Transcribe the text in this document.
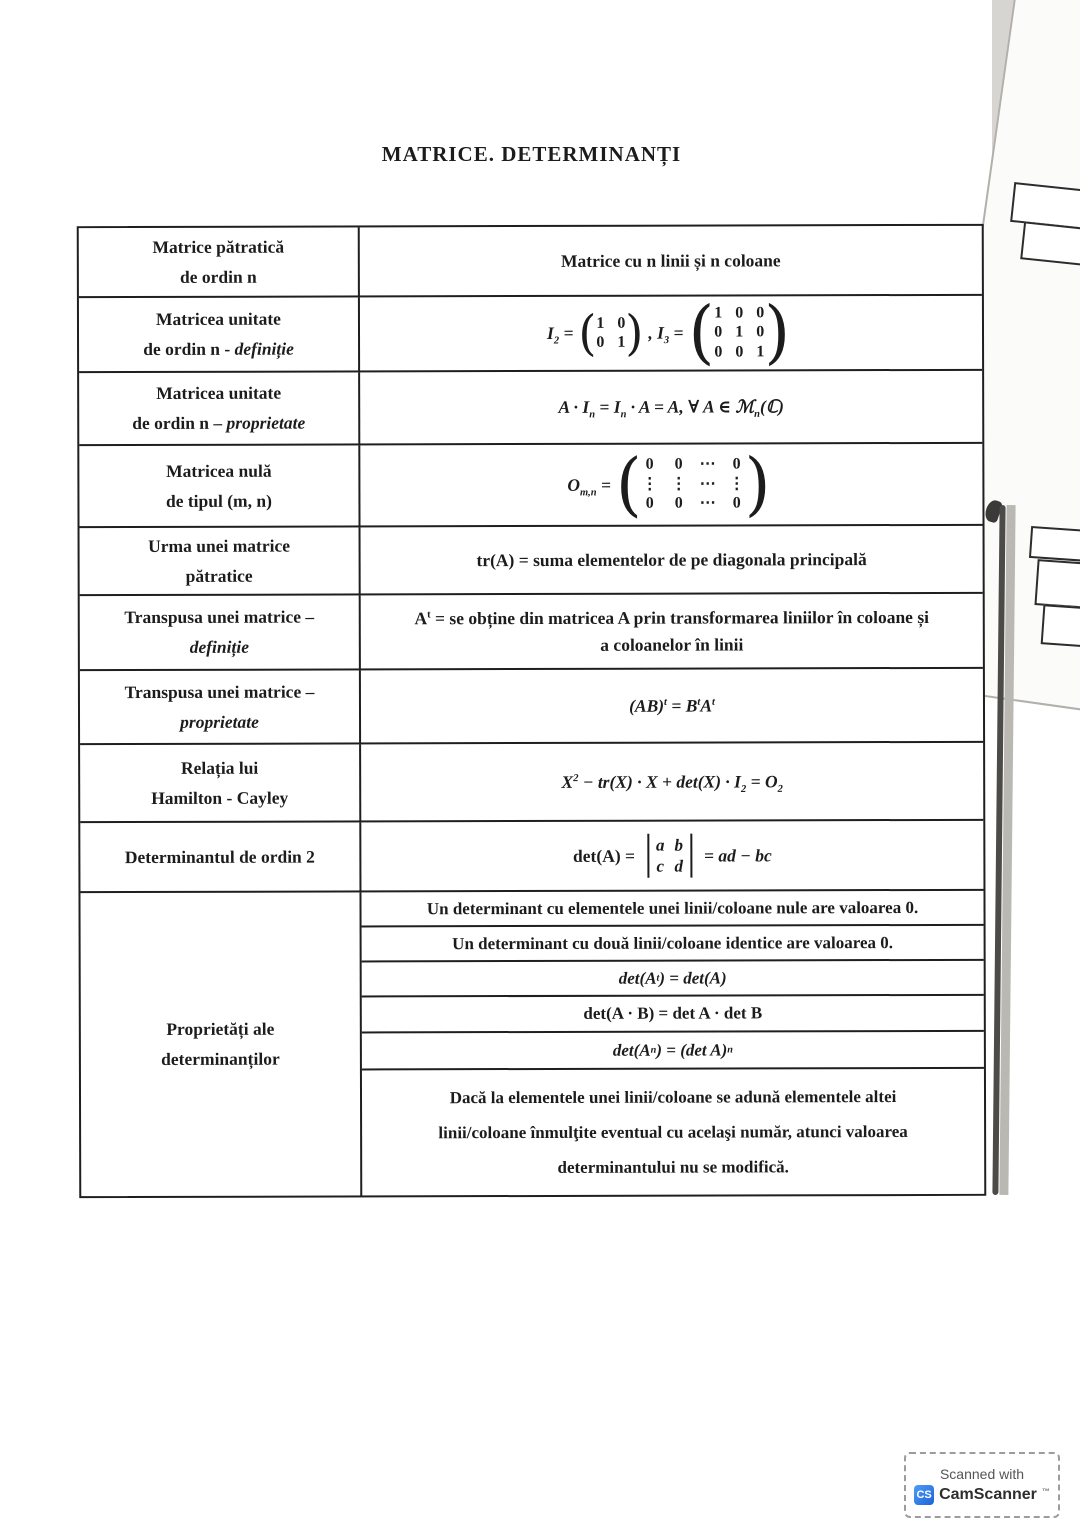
MATRICE. DETERMINANȚI
Matrice pătratică
de ordin n
Matrice cu n linii și n coloane
Matricea unitate
de ordin n - definiție
$I_2$ = ( 1 0
0 1 ) , $I_3$ = ( 1 0 0
0 1 0
0 0 1 )
Matricea unitate
de ordin n – proprietate
$A \cdot I_n = I_n \cdot A = A$, ∀ A ∈ ℳ$_n$(ℂ)
Matricea nulă
de tipul (m, n)
$O_{m,n}$ = ( 0 0 ⋯ 0
⋮ ⋮ ⋯ ⋮
0 0 ⋯ 0 )
Urma unei matrice
pătratice
tr(A) = suma elementelor de pe diagonala principală
Transpusa unei matrice –
definiție
$A^t$ = se obține din matricea A prin transformarea liniilor în coloane și
a coloanelor în linii
Transpusa unei matrice –
proprietate
$(AB)^t = B^tA^t$
Relația lui
Hamilton - Cayley
$X^2 - tr(X) \cdot X + \det(X) \cdot I_2 = O_2$
Determinantul de ordin 2	det(A) =
a b
c d
= ad − bc
Proprietăți ale
determinanților
Un determinant cu elementele unei linii/coloane nule are valoarea 0.
Un determinant cu două linii/coloane identice are valoarea 0.
det(A t ) = det(A)
det(A · B) = det A · det B
det(A n ) = (det A) n
Dacă la elementele unei linii/coloane se adună elementele altei
linii/coloane înmulţite eventual cu acelaşi număr, atunci valoarea
determinantului nu se modifică.
Scanned with
CS CamScanner ™
